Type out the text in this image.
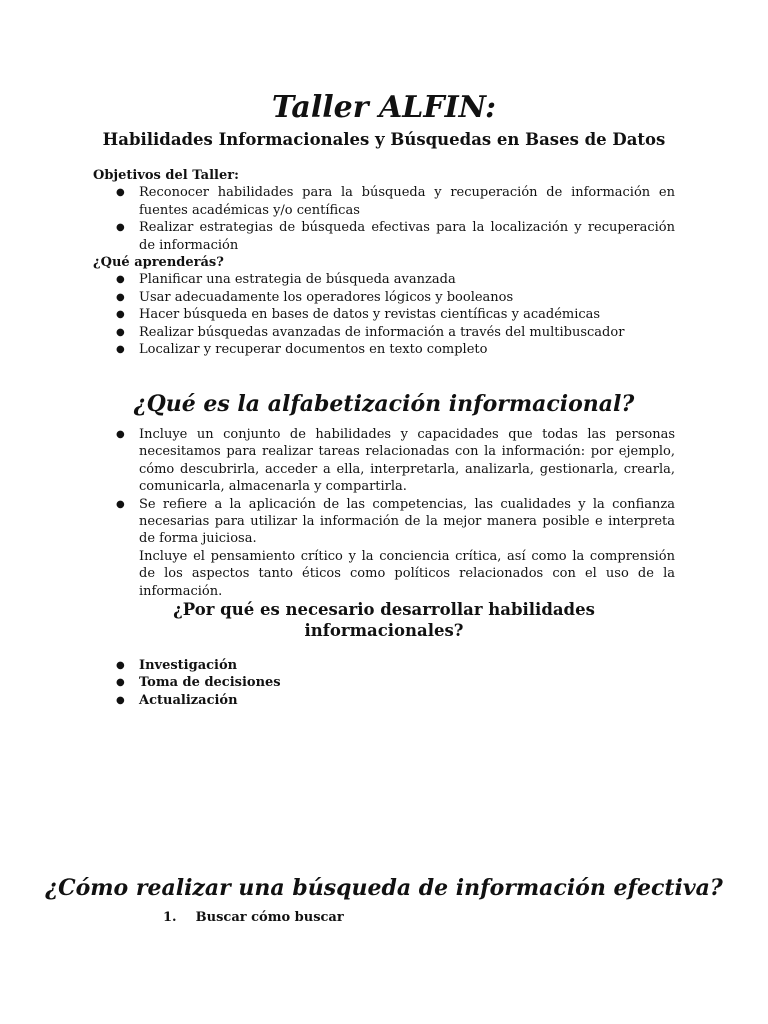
Taller ALFIN:
Habilidades Informacionales y Búsquedas en Bases de Datos

Objetivos del Taller:

● Reconocer habilidades para la búsqueda y recuperación de información en fuentes académicas y/o centíficas
● Realizar estrategias de búsqueda efectivas para la localización y recuperación de información

¿Qué aprenderás?

● Planificar una estrategia de búsqueda avanzada
● Usar adecuadamente los operadores lógicos y booleanos
● Hacer búsqueda en bases de datos y revistas científicas y académicas
● Realizar búsquedas avanzadas de información a través del multibuscador
● Localizar y recuperar documentos en texto completo
¿Qué es la alfabetización informacional?
● Incluye un conjunto de habilidades y capacidades que todas las personas necesitamos para realizar tareas relacionadas con la información: por ejemplo, cómo descubrirla, acceder a ella, interpretarla, analizarla, gestionarla, crearla, comunicarla, almacenarla y compartirla.
● Se refiere a la aplicación de las competencias, las cualidades y la confianza necesarias para utilizar la información de la mejor manera posible e interpreta de forma juiciosa.

Incluye el pensamiento crítico y la conciencia crítica, así como la comprensión de los aspectos tanto éticos como políticos relacionados con el uso de la información.

¿Por qué es necesario desarrollar habilidades informacionales?
● Investigación
● Toma de decisiones
● Actualización
¿Cómo realizar una búsqueda de información efectiva?
1. Buscar cómo buscar
